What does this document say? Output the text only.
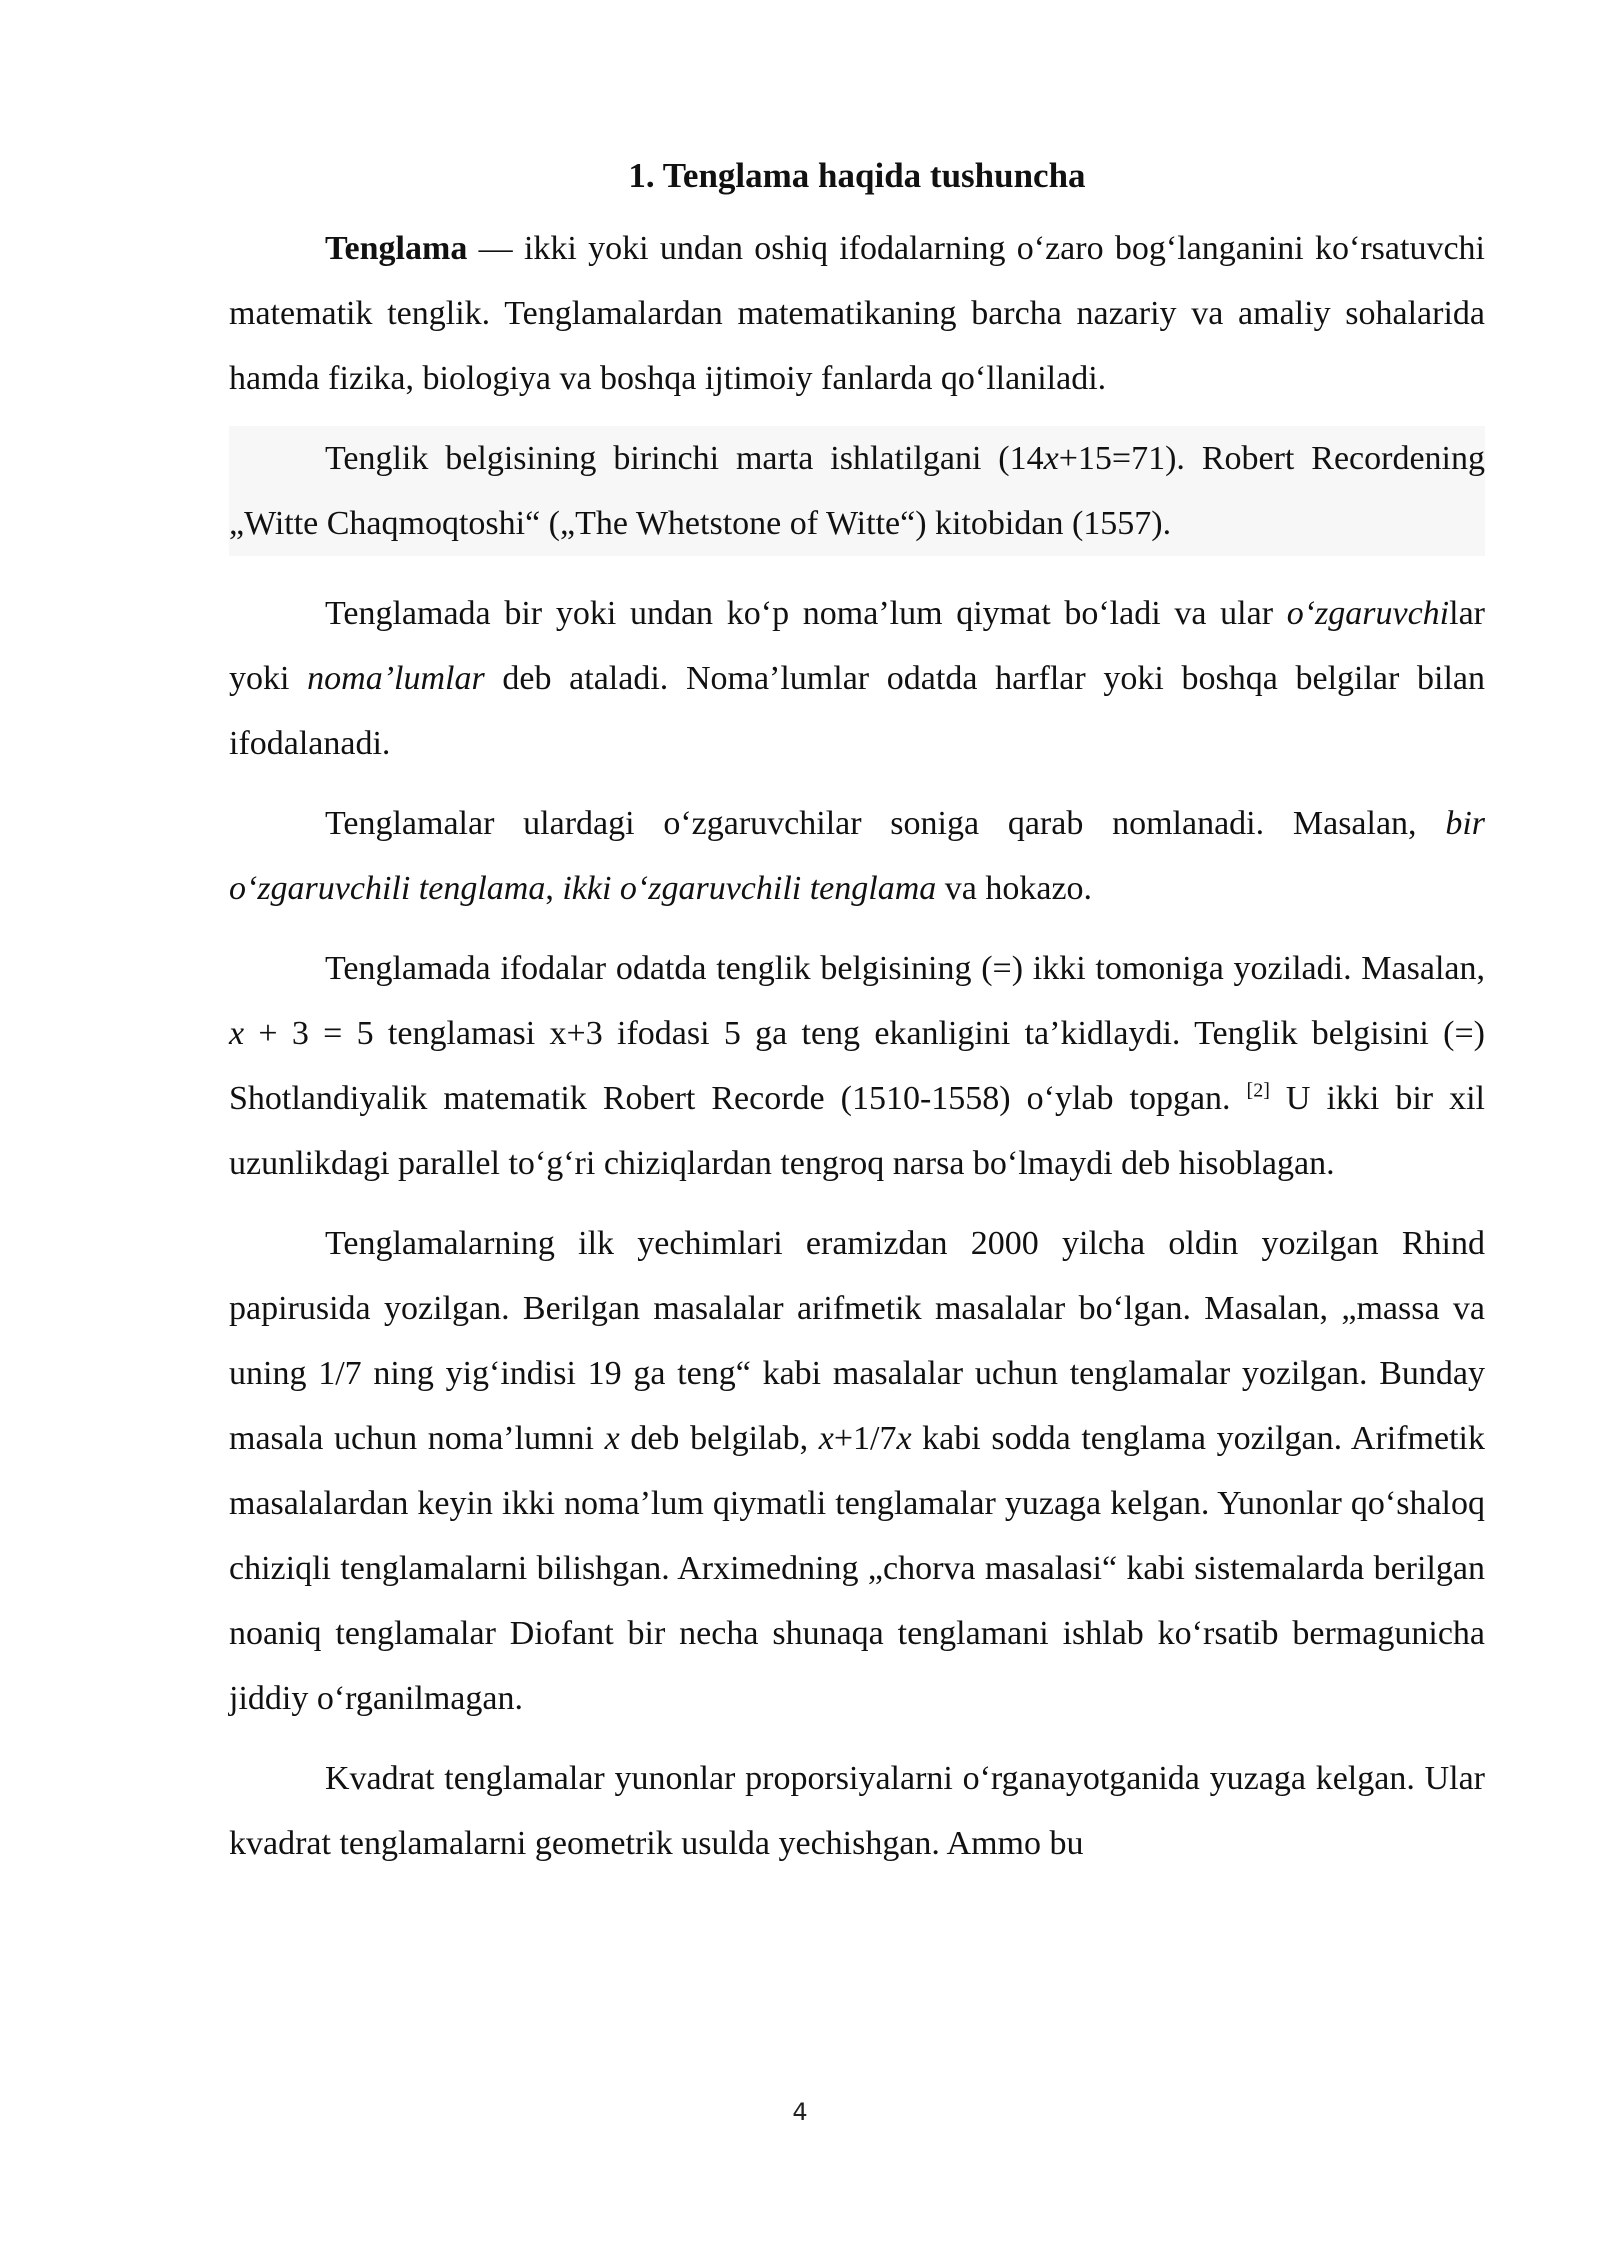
1. Tenglama haqida tushuncha

Tenglama — ikki yoki undan oshiq ifodalarning o‘zaro bog‘langanini ko‘rsatuvchi matematik tenglik. Tenglamalardan matematikaning barcha nazariy va amaliy sohalarida hamda fizika, biologiya va boshqa ijtimoiy fanlarda qo‘llaniladi.

Tenglik belgisining birinchi marta ishlatilgani (14x+15=71). Robert Recordening „Witte Chaqmoqtoshi“ („The Whetstone of Witte“) kitobidan (1557).

Tenglamada bir yoki undan ko‘p noma’lum qiymat bo‘ladi va ular o‘zgaruvchilar yoki noma’lumlar deb ataladi. Noma’lumlar odatda harflar yoki boshqa belgilar bilan ifodalanadi.

Tenglamalar ulardagi o‘zgaruvchilar soniga qarab nomlanadi. Masalan, bir o‘zgaruvchili tenglama, ikki o‘zgaruvchili tenglama va hokazo.

Tenglamada ifodalar odatda tenglik belgisining (=) ikki tomoniga yoziladi. Masalan, x + 3 = 5 tenglamasi x+3 ifodasi 5 ga teng ekanligini ta’kidlaydi. Tenglik belgisini (=) Shotlandiyalik matematik Robert Recorde (1510-1558) o‘ylab topgan. [2] U ikki bir xil uzunlikdagi parallel to‘g‘ri chiziqlardan tengroq narsa bo‘lmaydi deb hisoblagan.

Tenglamalarning ilk yechimlari eramizdan 2000 yilcha oldin yozilgan Rhind papirusida yozilgan. Berilgan masalalar arifmetik masalalar bo‘lgan. Masalan, „massa va uning 1/7 ning yig‘indisi 19 ga teng“ kabi masalalar uchun tenglamalar yozilgan. Bunday masala uchun noma’lumni x deb belgilab, x+1/7x kabi sodda tenglama yozilgan. Arifmetik masalalardan keyin ikki noma’lum qiymatli tenglamalar yuzaga kelgan. Yunonlar qo‘shaloq chiziqli tenglamalarni bilishgan. Arximedning „chorva masalasi“ kabi sistemalarda berilgan noaniq tenglamalar Diofant bir necha shunaqa tenglamani ishlab ko‘rsatib bermagunicha jiddiy o‘rganilmagan.

Kvadrat tenglamalar yunonlar proporsiyalarni o‘rganayotganida yuzaga kelgan. Ular kvadrat tenglamalarni geometrik usulda yechishgan. Ammo bu

4
